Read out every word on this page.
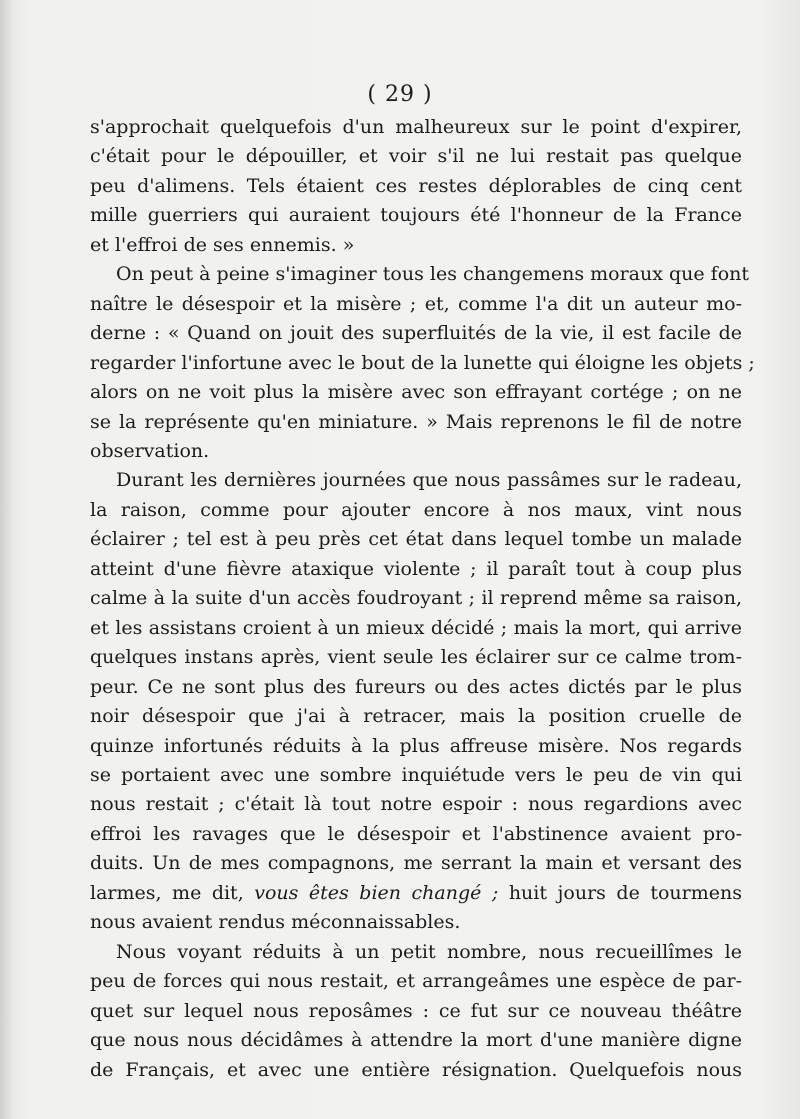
( 29 )
s'approchait quelquefois d'un malheureux sur le point d'expirer,
c'était pour le dépouiller, et voir s'il ne lui restait pas quelque
peu d'alimens. Tels étaient ces restes déplorables de cinq cent
mille guerriers qui auraient toujours été l'honneur de la France
et l'effroi de ses ennemis. »
On peut à peine s'imaginer tous les changemens moraux que font
naître le désespoir et la misère ; et, comme l'a dit un auteur mo-
derne : « Quand on jouit des superfluités de la vie, il est facile de
regarder l'infortune avec le bout de la lunette qui éloigne les objets ;
alors on ne voit plus la misère avec son effrayant cortége ; on ne
se la représente qu'en miniature. » Mais reprenons le fil de notre
observation.
Durant les dernières journées que nous passâmes sur le radeau,
la raison, comme pour ajouter encore à nos maux, vint nous
éclairer ; tel est à peu près cet état dans lequel tombe un malade
atteint d'une fièvre ataxique violente ; il paraît tout à coup plus
calme à la suite d'un accès foudroyant ; il reprend même sa raison,
et les assistans croient à un mieux décidé ; mais la mort, qui arrive
quelques instans après, vient seule les éclairer sur ce calme trom-
peur. Ce ne sont plus des fureurs ou des actes dictés par le plus
noir désespoir que j'ai à retracer, mais la position cruelle de
quinze infortunés réduits à la plus affreuse misère. Nos regards
se portaient avec une sombre inquiétude vers le peu de vin qui
nous restait ; c'était là tout notre espoir : nous regardions avec
effroi les ravages que le désespoir et l'abstinence avaient pro-
duits. Un de mes compagnons, me serrant la main et versant des
larmes, me dit, vous êtes bien changé ; huit jours de tourmens
nous avaient rendus méconnaissables.
Nous voyant réduits à un petit nombre, nous recueillîmes le
peu de forces qui nous restait, et arrangeâmes une espèce de par-
quet sur lequel nous reposâmes : ce fut sur ce nouveau théâtre
que nous nous décidâmes à attendre la mort d'une manière digne
de Français, et avec une entière résignation. Quelquefois nous
